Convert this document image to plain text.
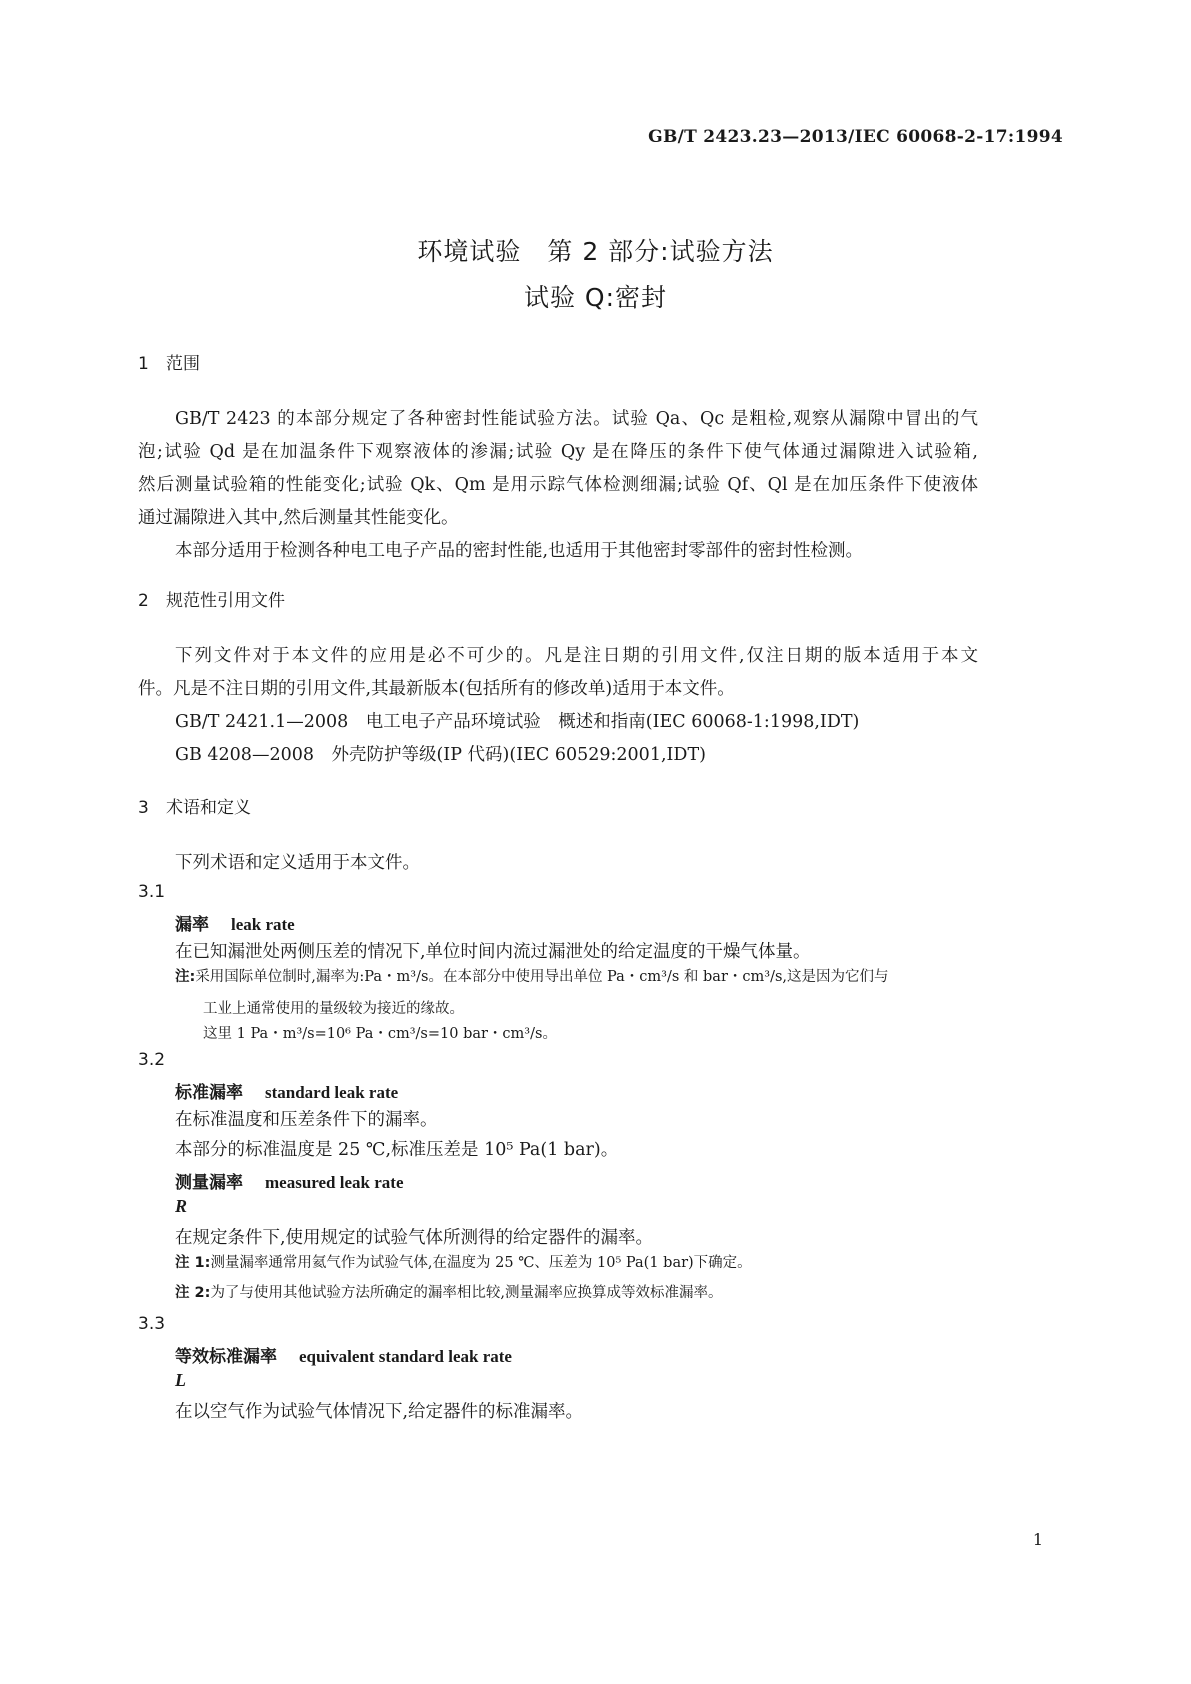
GB/T 2423.23—2013/IEC 60068-2-17:1994
环境试验　第 2 部分:试验方法
试验 Q:密封
1 范围
GB/T 2423 的本部分规定了各种密封性能试验方法。试验 Qa、Qc 是粗检,观察从漏隙中冒出的气
泡;试验 Qd 是在加温条件下观察液体的渗漏;试验 Qy 是在降压的条件下使气体通过漏隙进入试验箱,
然后测量试验箱的性能变化;试验 Qk、Qm 是用示踪气体检测细漏;试验 Qf、Ql 是在加压条件下使液体
通过漏隙进入其中,然后测量其性能变化。
本部分适用于检测各种电工电子产品的密封性能,也适用于其他密封零部件的密封性检测。
2 规范性引用文件
下列文件对于本文件的应用是必不可少的。凡是注日期的引用文件,仅注日期的版本适用于本文
件。凡是不注日期的引用文件,其最新版本(包括所有的修改单)适用于本文件。
GB/T 2421.1—2008　电工电子产品环境试验　概述和指南(IEC 60068-1:1998,IDT)
GB 4208—2008　外壳防护等级(IP 代码)(IEC 60529:2001,IDT)
3 术语和定义
下列术语和定义适用于本文件。
3.1
漏率 leak rate
在已知漏泄处两侧压差的情况下,单位时间内流过漏泄处的给定温度的干燥气体量。
注:采用国际单位制时,漏率为:Pa・m³/s。在本部分中使用导出单位 Pa・cm³/s 和 bar・cm³/s,这是因为它们与
工业上通常使用的量级较为接近的缘故。
这里 1 Pa・m³/s=10⁶ Pa・cm³/s=10 bar・cm³/s。
3.2
标准漏率 standard leak rate
在标准温度和压差条件下的漏率。
本部分的标准温度是 25 ℃,标准压差是 10⁵ Pa(1 bar)。
测量漏率 measured leak rate
R
在规定条件下,使用规定的试验气体所测得的给定器件的漏率。
注 1:测量漏率通常用氦气作为试验气体,在温度为 25 ℃、压差为 10⁵ Pa(1 bar)下确定。
注 2:为了与使用其他试验方法所确定的漏率相比较,测量漏率应换算成等效标准漏率。
3.3
等效标准漏率 equivalent standard leak rate
L
在以空气作为试验气体情况下,给定器件的标准漏率。
1
